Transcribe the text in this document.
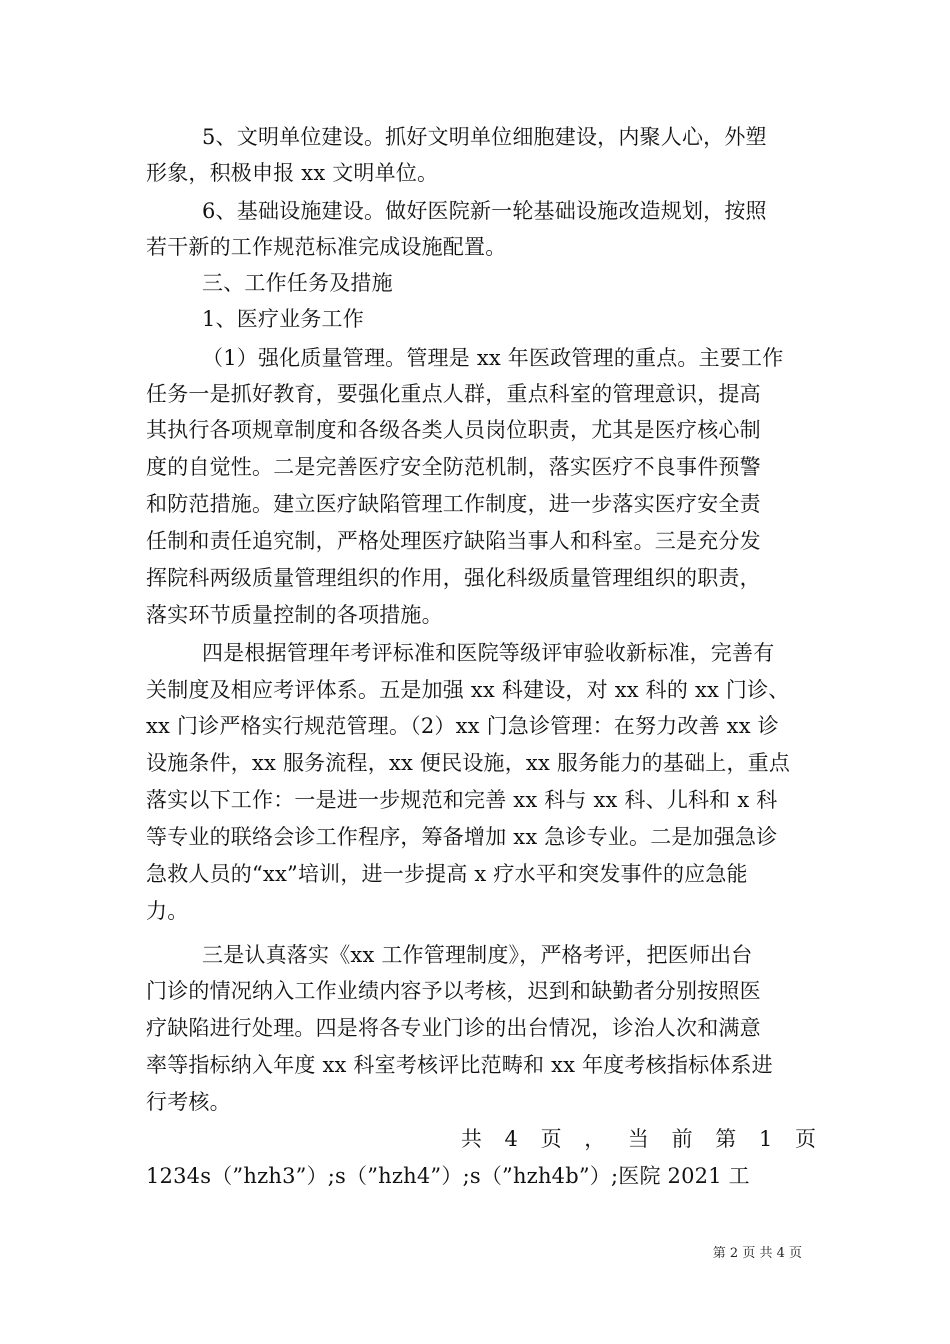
5、文明单位建设。抓好文明单位细胞建设，内聚人心，外塑
形象，积极申报 xx 文明单位。
6、基础设施建设。做好医院新一轮基础设施改造规划，按照
若干新的工作规范标准完成设施配置。
三、工作任务及措施
1、医疗业务工作
（1）强化质量管理。管理是 xx 年医政管理的重点。主要工作
任务一是抓好教育，要强化重点人群，重点科室的管理意识，提高
其执行各项规章制度和各级各类人员岗位职责，尤其是医疗核心制
度的自觉性。二是完善医疗安全防范机制，落实医疗不良事件预警
和防范措施。建立医疗缺陷管理工作制度，进一步落实医疗安全责
任制和责任追究制，严格处理医疗缺陷当事人和科室。三是充分发
挥院科两级质量管理组织的作用，强化科级质量管理组织的职责，
落实环节质量控制的各项措施。
四是根据管理年考评标准和医院等级评审验收新标准，完善有
关制度及相应考评体系。五是加强 xx 科建设，对 xx 科的 xx 门诊、
xx 门诊严格实行规范管理。（2）xx 门急诊管理：在努力改善 xx 诊
设施条件，xx 服务流程，xx 便民设施，xx 服务能力的基础上，重点
落实以下工作：一是进一步规范和完善 xx 科与 xx 科、儿科和 x 科
等专业的联络会诊工作程序，筹备增加 xx 急诊专业。二是加强急诊
急救人员的“xx”培训，进一步提高 x 疗水平和突发事件的应急能
力。
三是认真落实《xx 工作管理制度》，严格考评，把医师出台
门诊的情况纳入工作业绩内容予以考核，迟到和缺勤者分别按照医
疗缺陷进行处理。四是将各专业门诊的出台情况，诊治人次和满意
率等指标纳入年度 xx 科室考核评比范畴和 xx 年度考核指标体系进
行考核。
共 4 页 ， 当 前 第 1 页
1234s（”hzh3”）;s（”hzh4”）;s（”hzh4b”）;医院 2021 工
第 2 页 共 4 页
